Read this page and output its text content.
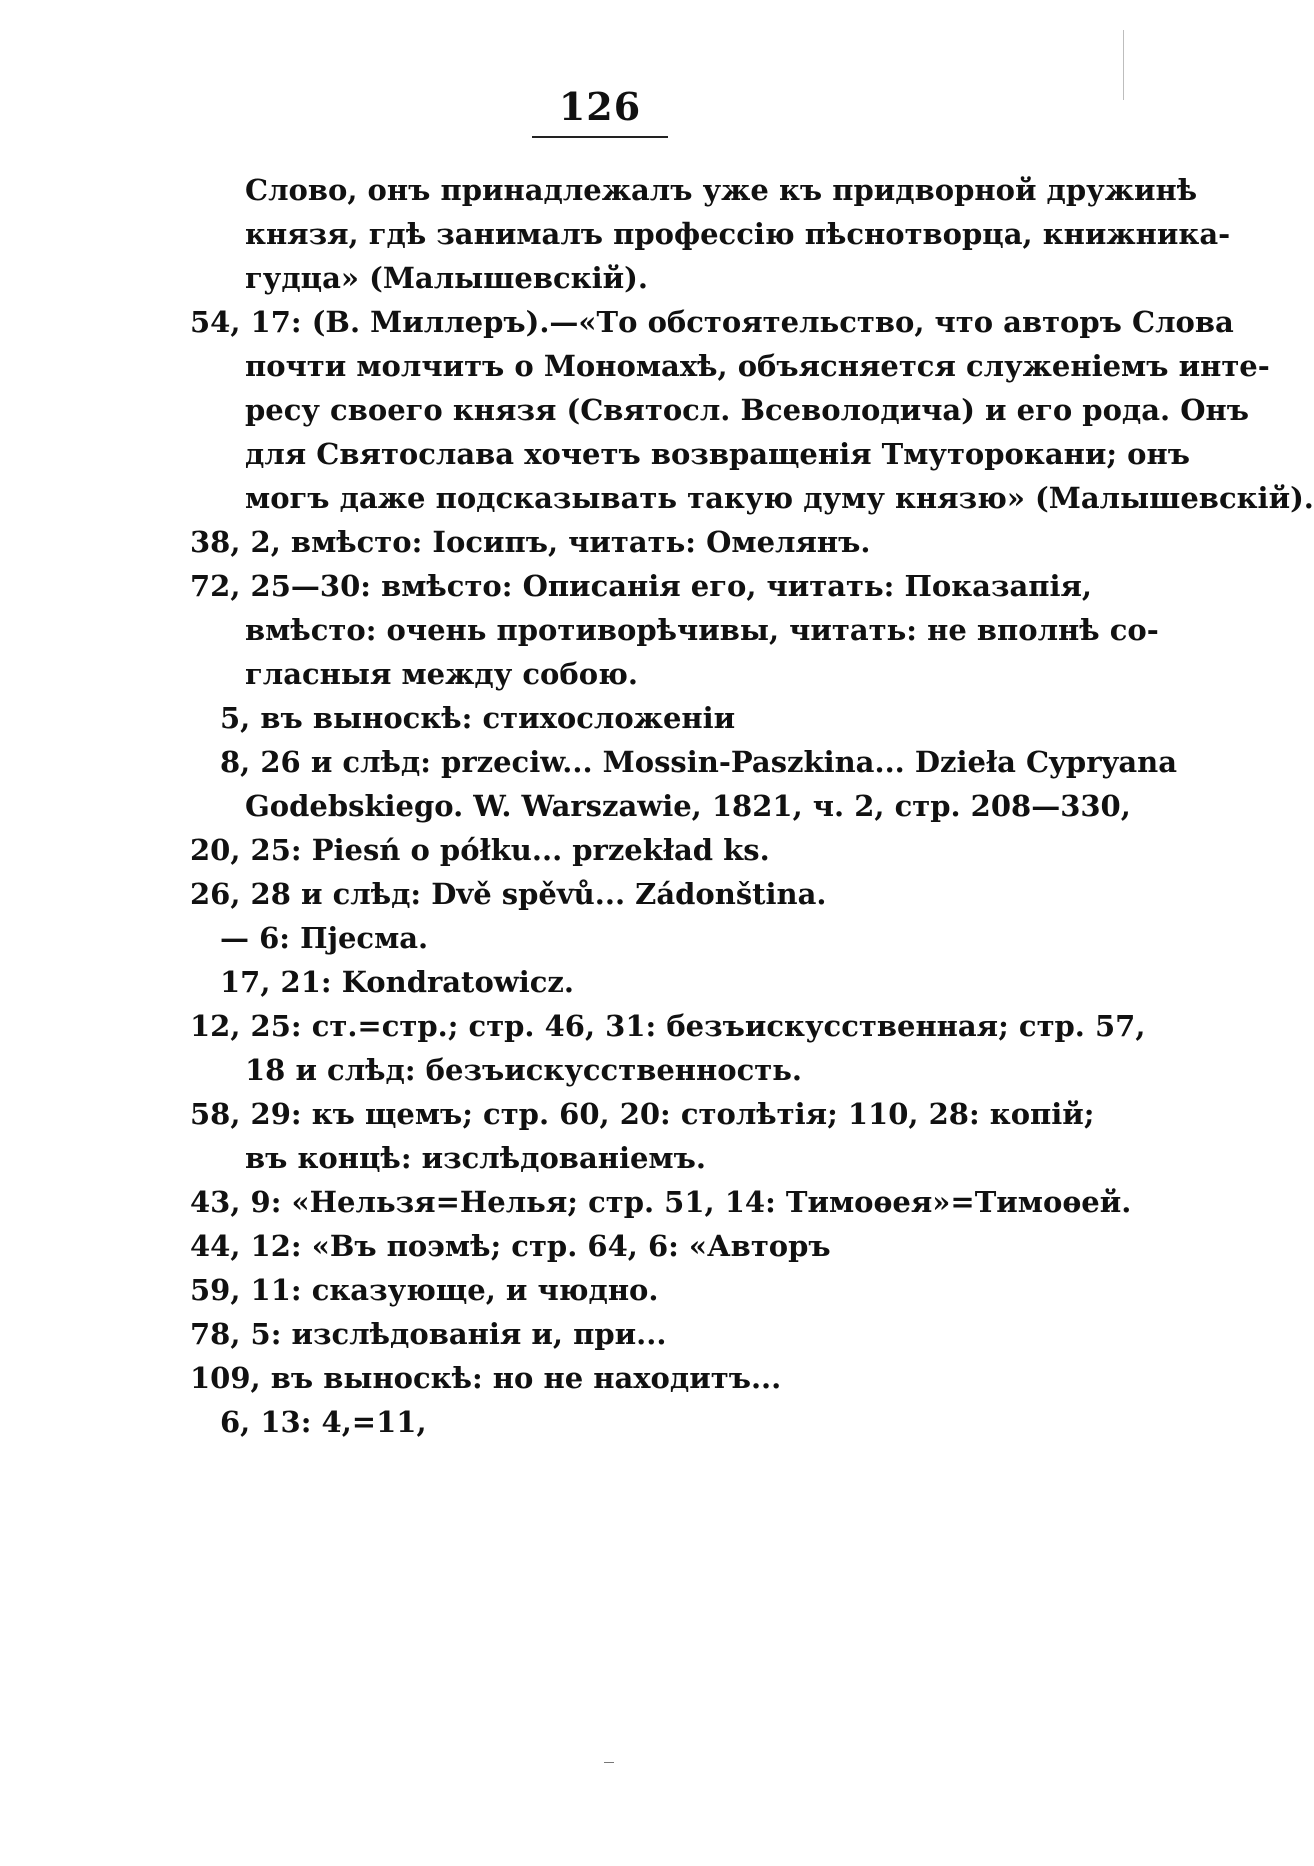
126
Слово, онъ принадлежалъ уже къ придворной дружинѣ
князя, гдѣ занималъ профессію пѣснотворца, книжника-
гудца» (Малышевскій).
54, 17: (В. Миллеръ).—«То обстоятельство, что авторъ Слова
почти молчитъ о Мономахѣ, объясняется служеніемъ инте-
ресу своего князя (Святосл. Всеволодича) и его рода. Онъ
для Святослава хочетъ возвращенія Тмуторокани; онъ
могъ даже подсказывать такую думу князю» (Малышевскій).
38, 2, вмѣсто: Іосипъ, читать: Омелянъ.
72, 25—30: вмѣсто: Описанія его, читать: Показапія,
вмѣсто: очень противорѣчивы, читать: не вполнѣ со-
гласныя между собою.
5, въ выноскѣ: стихосложеніи
8, 26 и слѣд: przeciw... Mossin-Paszkina... Dzieła Cypryana
Godebskiego. W. Warszawie, 1821, ч. 2, стр. 208—330,
20, 25: Piesń o półku... przekład ks.
26, 28 и слѣд: Dvě spěvů... Zádonština.
— 6: Пјесма.
17, 21: Kondratowicz.
12, 25: ст.=стр.; стр. 46, 31: безъискусственная; стр. 57,
18 и слѣд: безъискусственность.
58, 29: къ щемъ; стр. 60, 20: столѣтія; 110, 28: копій;
въ концѣ: изслѣдованіемъ.
43, 9: «Нельзя=Нелья; стр. 51, 14: Тимоѳея»=Тимоѳей.
44, 12: «Въ поэмѣ; стр. 64, 6: «Авторъ
59, 11: сказующе, и чюдно.
78, 5: изслѣдованія и, при...
109, въ выноскѣ: но не находитъ...
6, 13: 4,=11,
